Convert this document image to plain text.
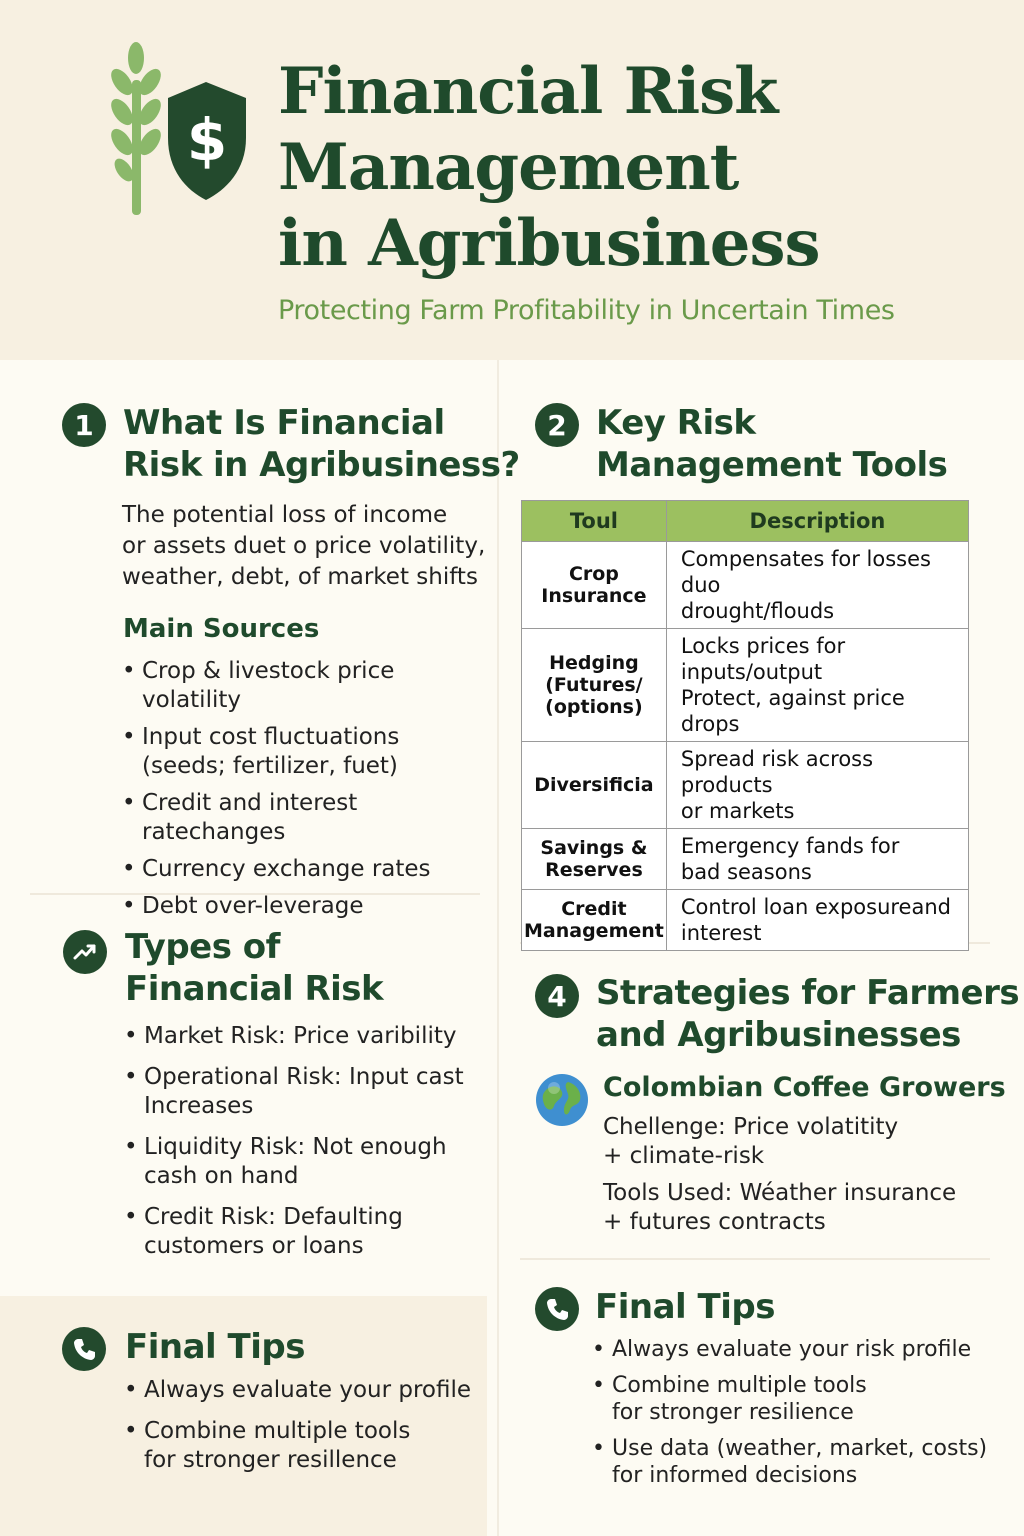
$
Financial Risk
Management
in Agribusiness

Protecting Farm Profitability in Uncertain Times

1 What Is Financial
Risk in Agribusiness?

The potential loss of income
or assets duet o price volatility,
weather, debt, of market shifts

Main Sources
• Crop & livestock price volatility
• Input cost fluctuations
(seeds; fertilizer, fuet)
• Credit and interest ratechanges
• Currency exchange rates
• Debt over-leverage
2 Key Risk
Management Tools
Toul	Description

Crop
Insurance	Compensates for losses duo
drought/flouds

Hedging
(Futures/
(options)	Locks prices for inputs/output
Protect, against price drops

Diversificia	Spread risk across products
or markets

Savings &
Reserves	Emergency fands for
bad seasons

Credit
Management	Control loan exposureand
interest
Types of
Financial Risk
• Market Risk: Price varibility
• Operational Risk: Input cast
Increases
• Liquidity Risk: Not enough
cash on hand
• Credit Risk: Defaulting
customers or loans
4 Strategies for Farmers
and Agribusinesses

Colombian Coffee Growers

Chellenge: Price volatitity
+ climate-risk

Tools Used: Wéather insurance
+ futures contracts

Final Tips
• Always evaluate your profile
• Combine multiple tools
for stronger resillence
Final Tips
• Always evaluate your risk profile
• Combine multiple tools
for stronger resilience
• Use data (weather, market, costs)
for informed decisions
